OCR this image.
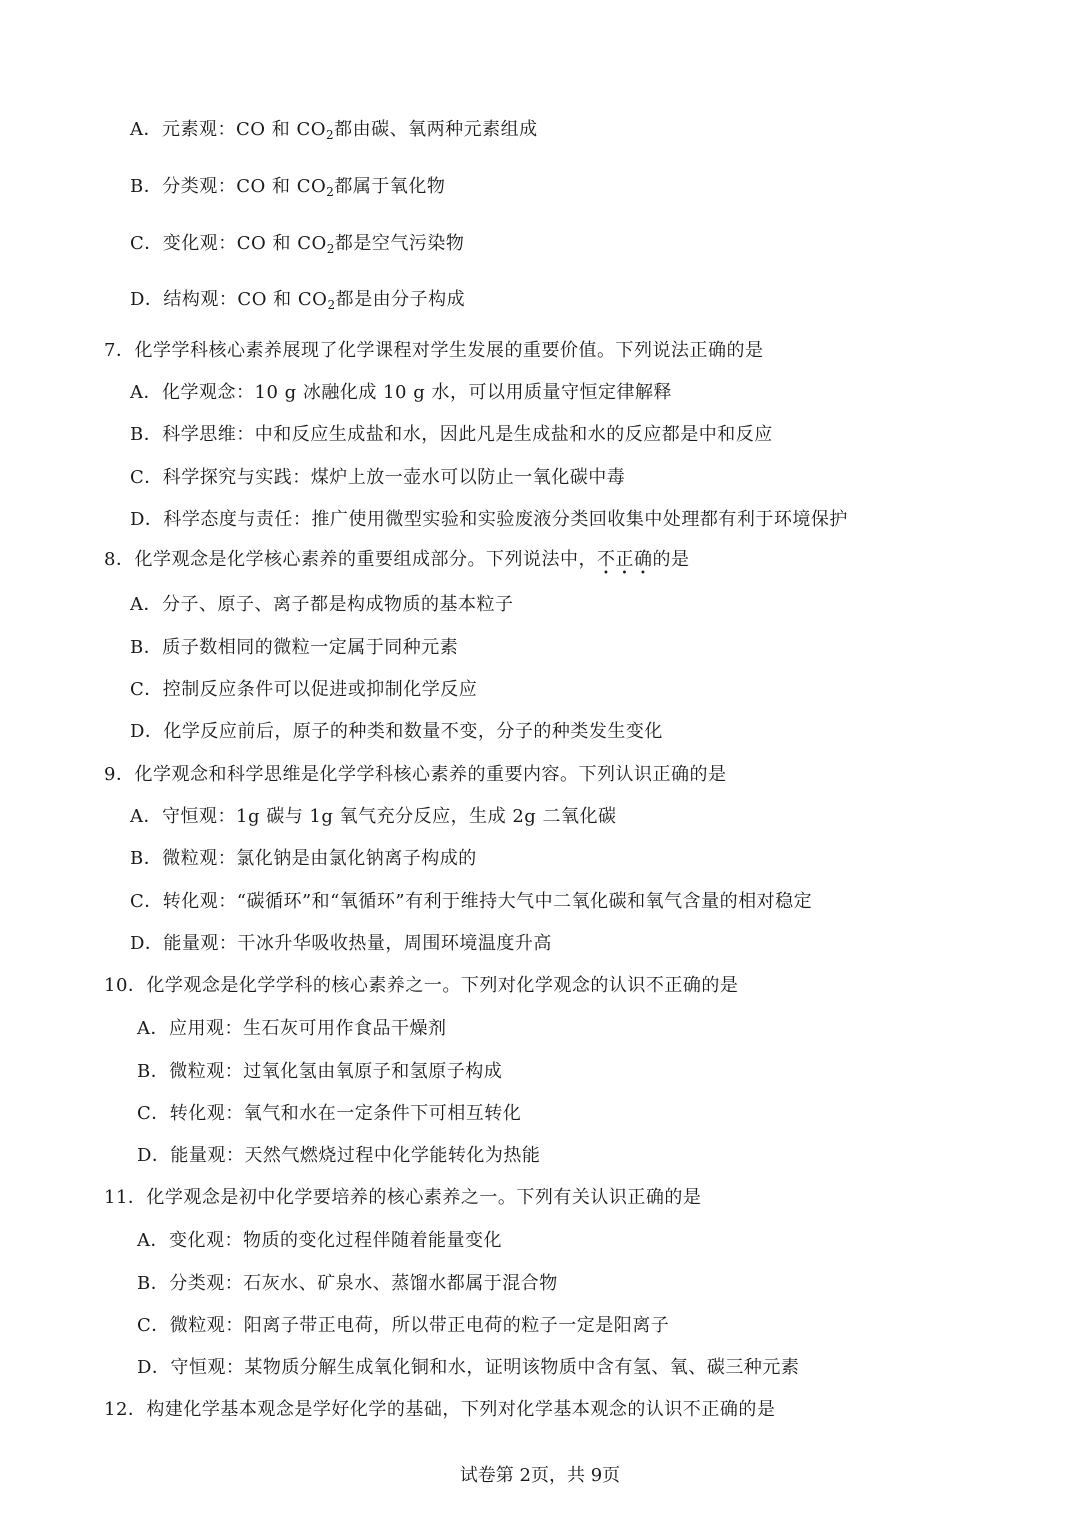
A．元素观：CO 和 $CO_2$都由碳、氧两种元素组成
B．分类观：CO 和 $CO_2$都属于氧化物
C．变化观：CO 和 $CO_2$都是空气污染物
D．结构观：CO 和 $CO_2$都是由分子构成
7．化学学科核心素养展现了化学课程对学生发展的重要价值。下列说法正确的是
A．化学观念：10 g 冰融化成 10 g 水，可以用质量守恒定律解释
B．科学思维：中和反应生成盐和水，因此凡是生成盐和水的反应都是中和反应
C．科学探究与实践：煤炉上放一壶水可以防止一氧化碳中毒
D．科学态度与责任：推广使用微型实验和实验废液分类回收集中处理都有利于环境保护
8．化学观念是化学核心素养的重要组成部分。下列说法中，不正确
• • •
的是
A．分子、原子、离子都是构成物质的基本粒子
B．质子数相同的微粒一定属于同种元素
C．控制反应条件可以促进或抑制化学反应
D．化学反应前后，原子的种类和数量不变，分子的种类发生变化
9．化学观念和科学思维是化学学科核心素养的重要内容。下列认识正确的是
A．守恒观：1g 碳与 1g 氧气充分反应，生成 2g 二氧化碳
B．微粒观：氯化钠是由氯化钠离子构成的
C．转化观：“碳循环”和“氧循环”有利于维持大气中二氧化碳和氧气含量的相对稳定
D．能量观：干冰升华吸收热量，周围环境温度升高
10．化学观念是化学学科的核心素养之一。下列对化学观念的认识不正确的是
A．应用观：生石灰可用作食品干燥剂
B．微粒观：过氧化氢由氧原子和氢原子构成
C．转化观：氧气和水在一定条件下可相互转化
D．能量观：天然气燃烧过程中化学能转化为热能
11．化学观念是初中化学要培养的核心素养之一。下列有关认识正确的是
A．变化观：物质的变化过程伴随着能量变化
B．分类观：石灰水、矿泉水、蒸馏水都属于混合物
C．微粒观：阳离子带正电荷，所以带正电荷的粒子一定是阳离子
D．守恒观：某物质分解生成氧化铜和水，证明该物质中含有氢、氧、碳三种元素
12．构建化学基本观念是学好化学的基础，下列对化学基本观念的认识不正确的是
试卷第 2页，共 9页
